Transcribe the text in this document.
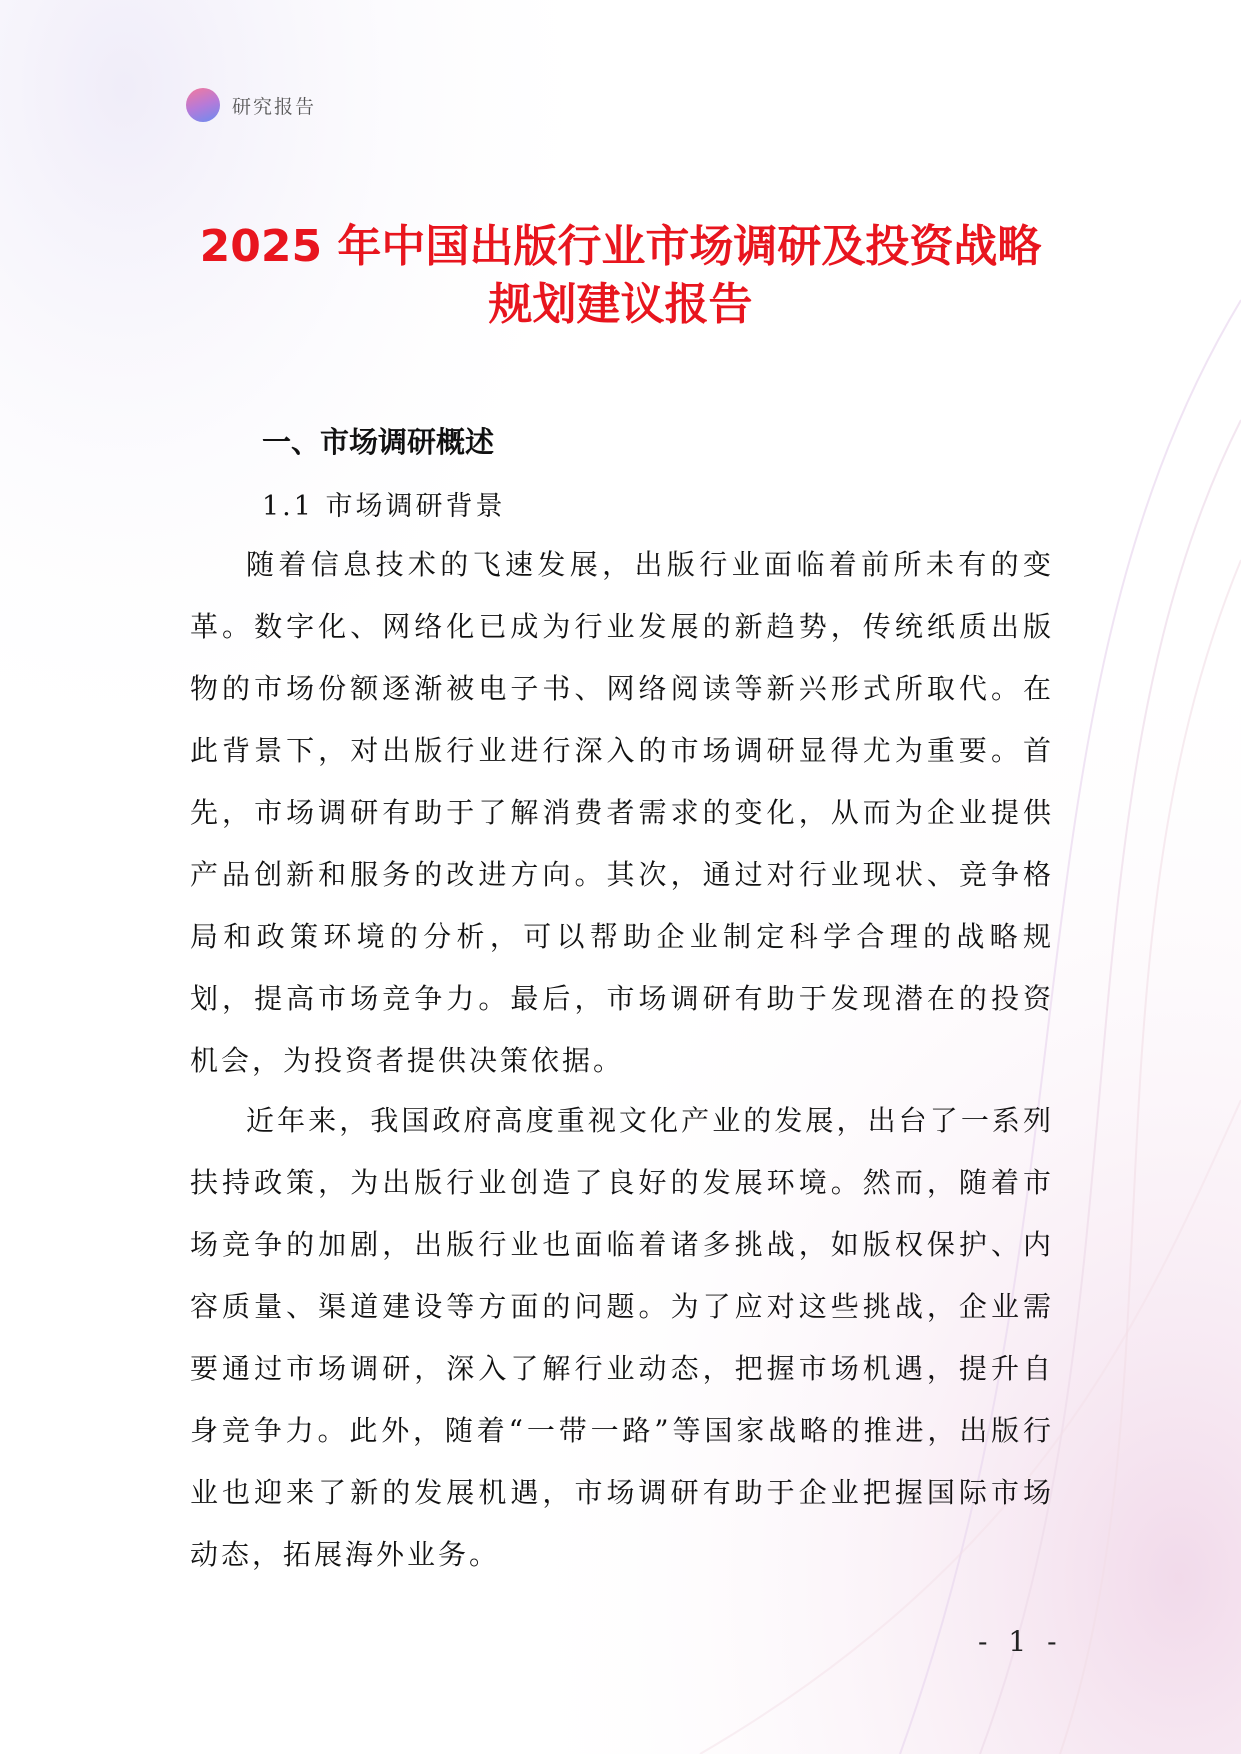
研究报告
2025 年中国出版行业市场调研及投资战略
规划建议报告
一、市场调研概述
1.1 市场调研背景

随着信息技术的飞速发展，出版行业面临着前所未有的变革。数字化、网络化已成为行业发展的新趋势，传统纸质出版物的市场份额逐渐被电子书、网络阅读等新兴形式所取代。在此背景下，对出版行业进行深入的市场调研显得尤为重要。首先，市场调研有助于了解消费者需求的变化，从而为企业提供产品创新和服务的改进方向。其次，通过对行业现状、竞争格局和政策环境的分析，可以帮助企业制定科学合理的战略规划，提高市场竞争力。最后，市场调研有助于发现潜在的投资机会，为投资者提供决策依据。

近年来，我国政府高度重视文化产业的发展，出台了一系列扶持政策，为出版行业创造了良好的发展环境。然而，随着市场竞争的加剧，出版行业也面临着诸多挑战，如版权保护、内容质量、渠道建设等方面的问题。为了应对这些挑战，企业需要通过市场调研，深入了解行业动态，把握市场机遇，提升自身竞争力。此外，随着“一带一路”等国家战略的推进，出版行业也迎来了新的发展机遇，市场调研有助于企业把握国际市场动态，拓展海外业务。

- 1 -
